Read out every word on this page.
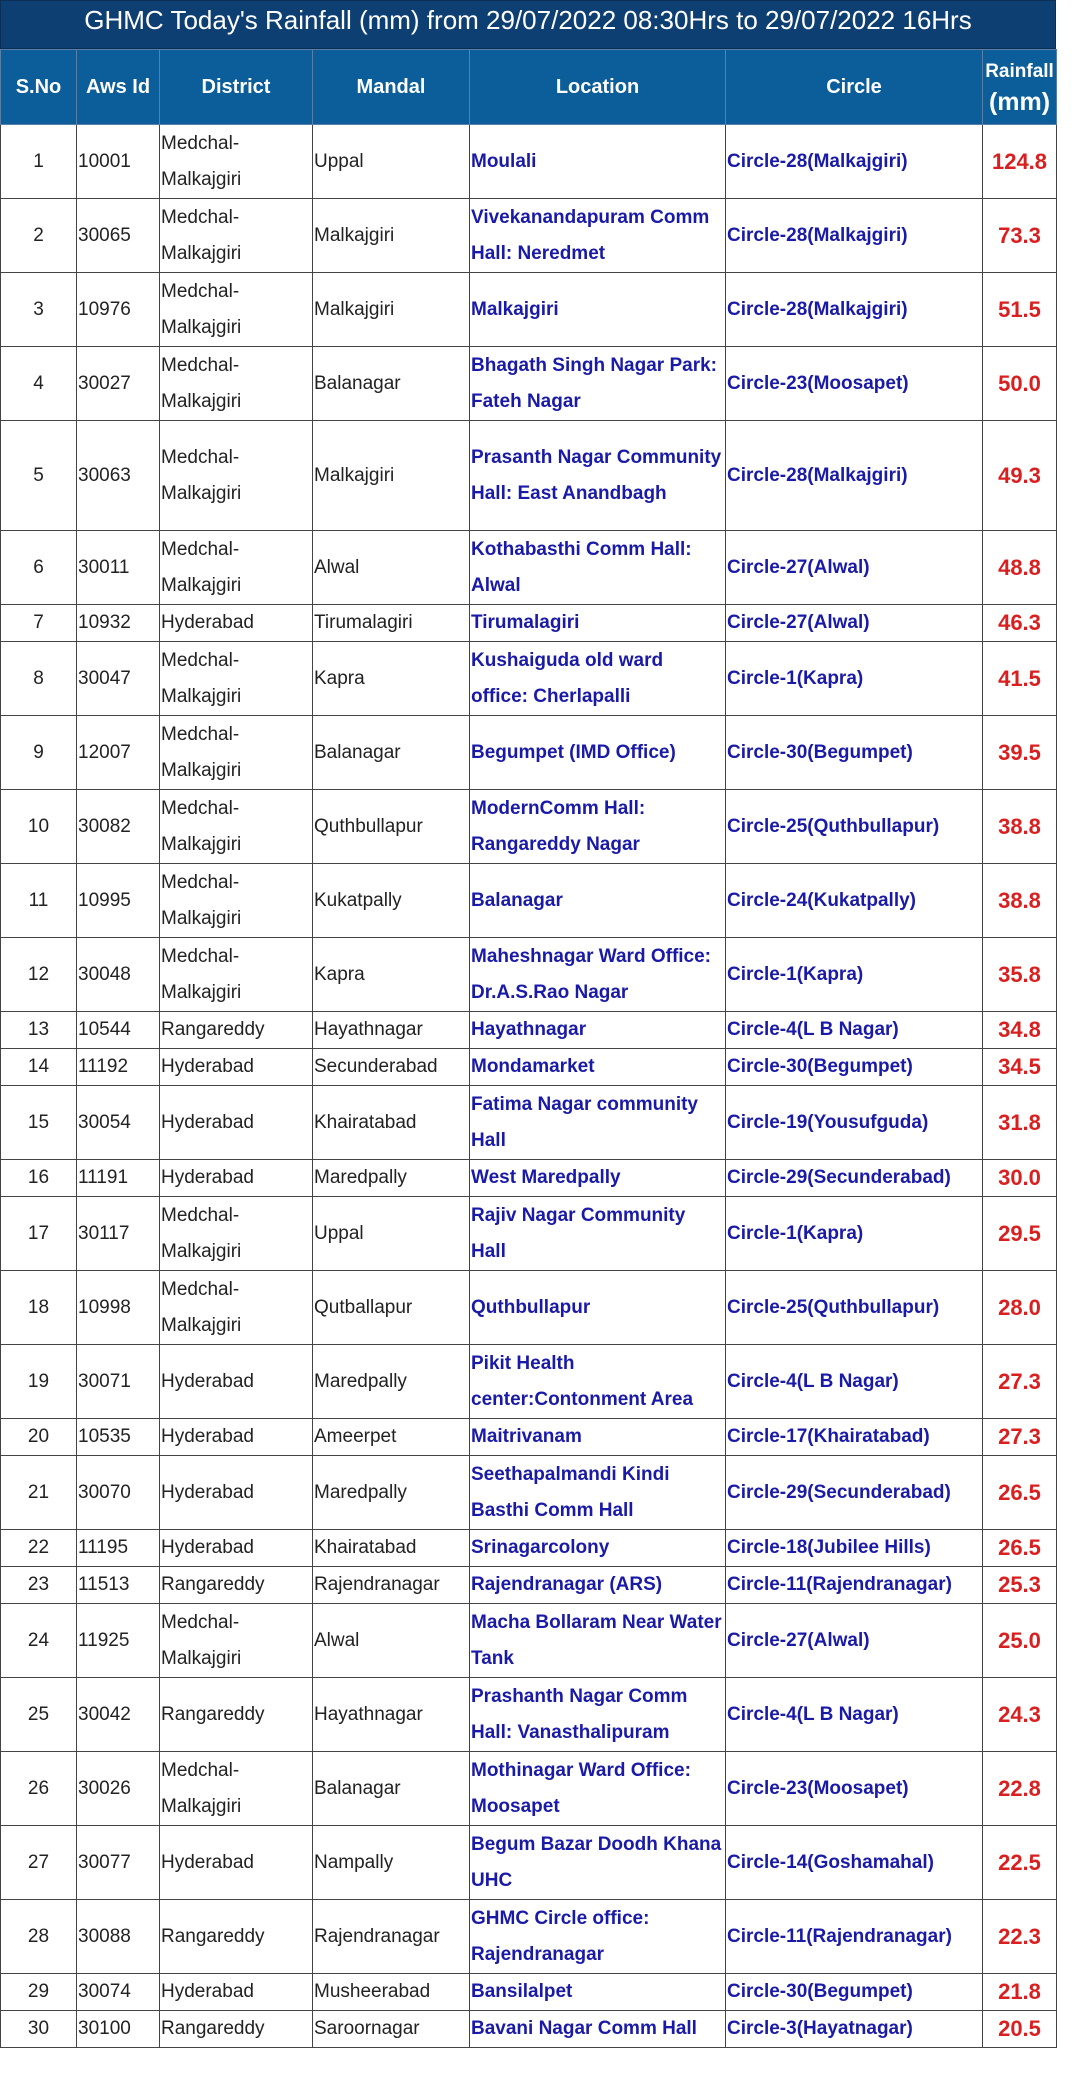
GHMC Today's Rainfall (mm) from 29/07/2022 08:30Hrs to 29/07/2022 16Hrs
S.No	Aws Id	District	Mandal	Location	Circle	Rainfall
(mm)

1	10001	Medchal-Malkajgiri	Uppal	Moulali	Circle-28(Malkajgiri)	124.8
2	30065	Medchal-Malkajgiri	Malkajgiri	Vivekanandapuram Comm Hall: Neredmet	Circle-28(Malkajgiri)	73.3
3	10976	Medchal-Malkajgiri	Malkajgiri	Malkajgiri	Circle-28(Malkajgiri)	51.5
4	30027	Medchal-Malkajgiri	Balanagar	Bhagath Singh Nagar Park: Fateh Nagar	Circle-23(Moosapet)	50.0
5	30063	Medchal-Malkajgiri	Malkajgiri	Prasanth Nagar Community Hall: East Anandbagh	Circle-28(Malkajgiri)	49.3
6	30011	Medchal-Malkajgiri	Alwal	Kothabasthi Comm Hall: Alwal	Circle-27(Alwal)	48.8
7	10932	Hyderabad	Tirumalagiri	Tirumalagiri	Circle-27(Alwal)	46.3
8	30047	Medchal-Malkajgiri	Kapra	Kushaiguda old ward office: Cherlapalli	Circle-1(Kapra)	41.5
9	12007	Medchal-Malkajgiri	Balanagar	Begumpet (IMD Office)	Circle-30(Begumpet)	39.5
10	30082	Medchal-Malkajgiri	Quthbullapur	ModernComm Hall: Rangareddy Nagar	Circle-25(Quthbullapur)	38.8
11	10995	Medchal-Malkajgiri	Kukatpally	Balanagar	Circle-24(Kukatpally)	38.8
12	30048	Medchal-Malkajgiri	Kapra	Maheshnagar Ward Office: Dr.A.S.Rao Nagar	Circle-1(Kapra)	35.8
13	10544	Rangareddy	Hayathnagar	Hayathnagar	Circle-4(L B Nagar)	34.8
14	11192	Hyderabad	Secunderabad	Mondamarket	Circle-30(Begumpet)	34.5
15	30054	Hyderabad	Khairatabad	Fatima Nagar community Hall	Circle-19(Yousufguda)	31.8
16	11191	Hyderabad	Maredpally	West Maredpally	Circle-29(Secunderabad)	30.0
17	30117	Medchal-Malkajgiri	Uppal	Rajiv Nagar Community Hall	Circle-1(Kapra)	29.5
18	10998	Medchal-Malkajgiri	Qutballapur	Quthbullapur	Circle-25(Quthbullapur)	28.0
19	30071	Hyderabad	Maredpally	Pikit Health center:Contonment Area	Circle-4(L B Nagar)	27.3
20	10535	Hyderabad	Ameerpet	Maitrivanam	Circle-17(Khairatabad)	27.3
21	30070	Hyderabad	Maredpally	Seethapalmandi Kindi Basthi Comm Hall	Circle-29(Secunderabad)	26.5
22	11195	Hyderabad	Khairatabad	Srinagarcolony	Circle-18(Jubilee Hills)	26.5
23	11513	Rangareddy	Rajendranagar	Rajendranagar (ARS)	Circle-11(Rajendranagar)	25.3
24	11925	Medchal-Malkajgiri	Alwal	Macha Bollaram Near Water Tank	Circle-27(Alwal)	25.0
25	30042	Rangareddy	Hayathnagar	Prashanth Nagar Comm Hall: Vanasthalipuram	Circle-4(L B Nagar)	24.3
26	30026	Medchal-Malkajgiri	Balanagar	Mothinagar Ward Office: Moosapet	Circle-23(Moosapet)	22.8
27	30077	Hyderabad	Nampally	Begum Bazar Doodh Khana UHC	Circle-14(Goshamahal)	22.5
28	30088	Rangareddy	Rajendranagar	GHMC Circle office: Rajendranagar	Circle-11(Rajendranagar)	22.3
29	30074	Hyderabad	Musheerabad	Bansilalpet	Circle-30(Begumpet)	21.8
30	30100	Rangareddy	Saroornagar	Bavani Nagar Comm Hall	Circle-3(Hayatnagar)	20.5
